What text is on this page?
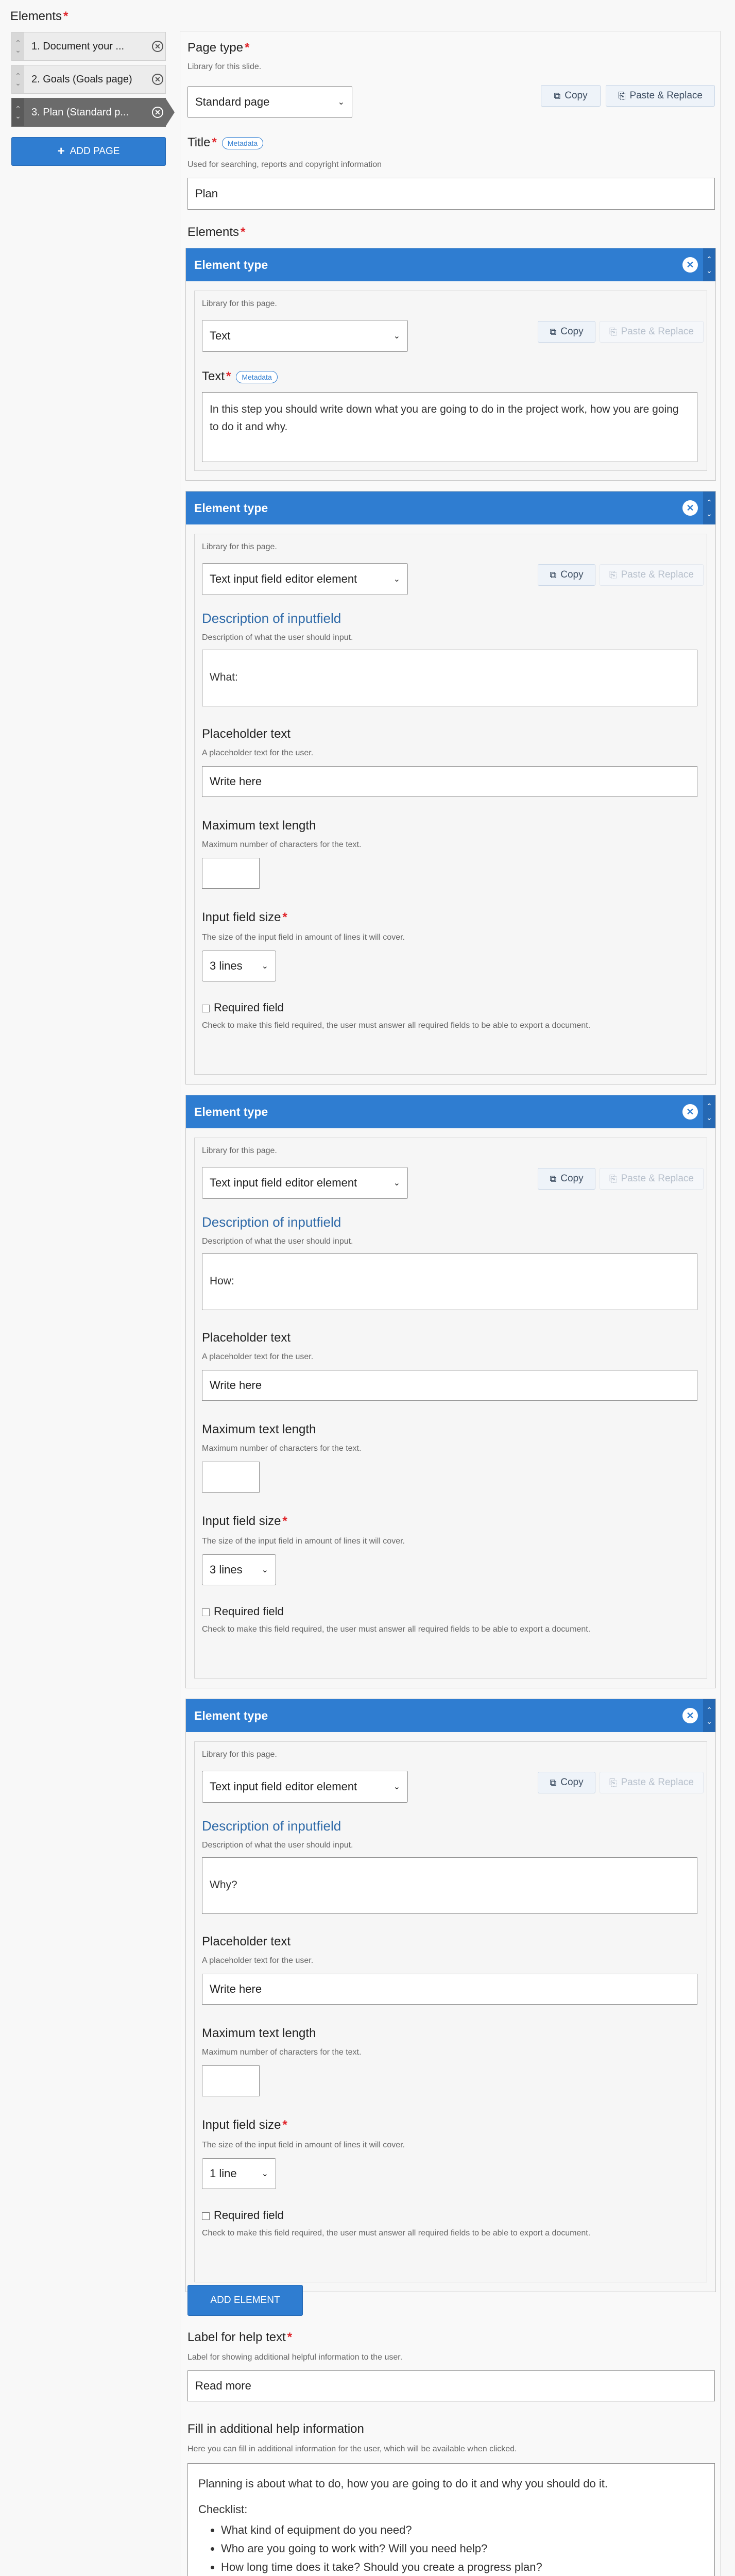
Elements *
⌃
⌄	1. Document your ...	✕
⌃
⌄	2. Goals (Goals page)	✕
⌃
⌄	3. Plan (Standard p...	✕
+ ADD PAGE
Page type *
Library for this slide.
Standard page	⌄
⧉ Copy	⎘ Paste & Replace
Title * Metadata
Used for searching, reports and copyright information
Plan
Elements *
Element type	✕
⌃
⌄
Library for this page.
Text	⌄	⧉ Copy	⎘ Paste & Replace
Text * Metadata
In this step you should write down what you are going to do in the project work, how you are going to do it and why.
Element type	✕
⌃
⌄
Library for this page.
Text input field editor element	⌄	⧉ Copy	⎘ Paste & Replace
Description of inputfield
Description of what the user should input.
What:
Placeholder text
A placeholder text for the user.
Write here
Maximum text length
Maximum number of characters for the text.
Input field size *
The size of the input field in amount of lines it will cover.
3 lines ⌄
Required field
Check to make this field required, the user must answer all required fields to be able to export a document.
Element type	✕
⌃
⌄
Library for this page.
Text input field editor element	⌄	⧉ Copy	⎘ Paste & Replace
Description of inputfield
Description of what the user should input.
How:
Placeholder text
A placeholder text for the user.
Write here
Maximum text length
Maximum number of characters for the text.
Input field size *
The size of the input field in amount of lines it will cover.
3 lines ⌄
Required field
Check to make this field required, the user must answer all required fields to be able to export a document.
Element type	✕
⌃
⌄
Library for this page.
Text input field editor element	⌄	⧉ Copy	⎘ Paste & Replace
Description of inputfield
Description of what the user should input.
Why?
Placeholder text
A placeholder text for the user.
Write here
Maximum text length
Maximum number of characters for the text.
Input field size *
The size of the input field in amount of lines it will cover.
1 line	⌄
Required field
Check to make this field required, the user must answer all required fields to be able to export a document.
ADD ELEMENT
Label for help text *
Label for showing additional helpful information to the user.
Read more
Fill in additional help information
Here you can fill in additional information for the user, which will be available when clicked.
Planning is about what to do, how you are going to do it and why you should do it.
Checklist:
• What kind of equipment do you need?
• Who are you going to work with? Will you need help?
• How long time does it take? Should you create a progress plan?
